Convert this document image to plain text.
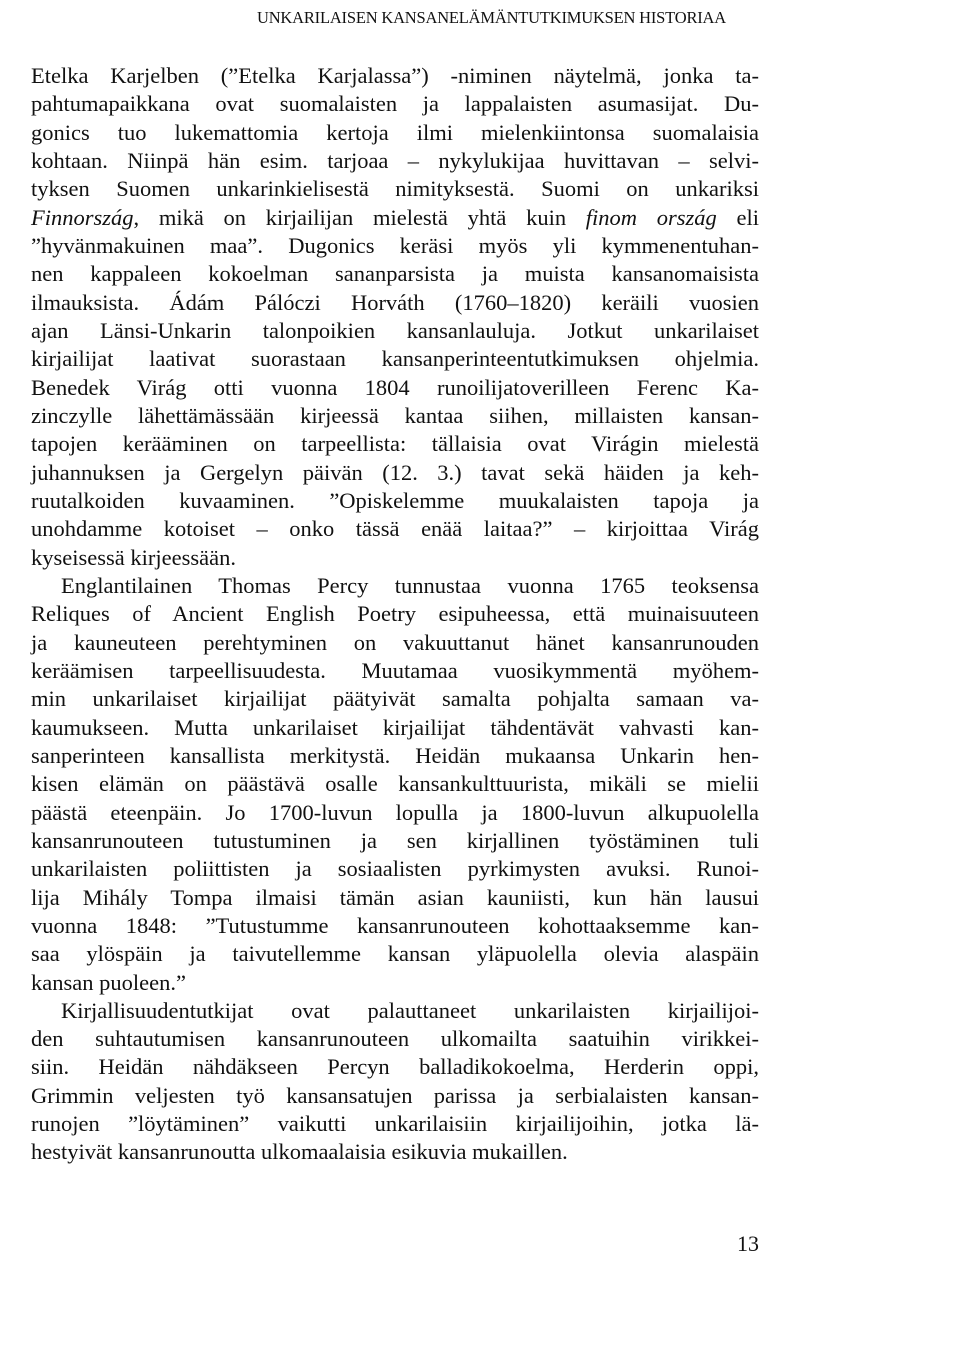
UNKARILAISEN KANSANELÄMÄNTUTKIMUKSEN HISTORIAA
Etelka Karjelben (”Etelka Karjalassa”) -niminen näytelmä, jonka ta-
pahtumapaikkana ovat suomalaisten ja lappalaisten asumasijat. Du-
gonics tuo lukemattomia kertoja ilmi mielenkiintonsa suomalaisia
kohtaan. Niinpä hän esim. tarjoaa – nykylukijaa huvittavan – selvi-
tyksen Suomen unkarinkielisestä nimityksestä. Suomi on unkariksi
Finnország, mikä on kirjailijan mielestä yhtä kuin finom ország eli
”hyvänmakuinen maa”. Dugonics keräsi myös yli kymmenentuhan-
nen kappaleen kokoelman sananparsista ja muista kansanomaisista
ilmauksista. Ádám Pálóczi Horváth (1760–1820) keräili vuosien
ajan Länsi-Unkarin talonpoikien kansanlauluja. Jotkut unkarilaiset
kirjailijat laativat suorastaan kansanperinteentutkimuksen ohjelmia.
Benedek Virág otti vuonna 1804 runoilijatoverilleen Ferenc Ka-
zinczylle lähettämässään kirjeessä kantaa siihen, millaisten kansan-
tapojen kerääminen on tarpeellista: tällaisia ovat Virágin mielestä
juhannuksen ja Gergelyn päivän (12. 3.) tavat sekä häiden ja keh-
ruutalkoiden kuvaaminen. ”Opiskelemme muukalaisten tapoja ja
unohdamme kotoiset – onko tässä enää laitaa?” – kirjoittaa Virág
kyseisessä kirjeessään.
Englantilainen Thomas Percy tunnustaa vuonna 1765 teoksensa
Reliques of Ancient English Poetry esipuheessa, että muinaisuuteen
ja kauneuteen perehtyminen on vakuuttanut hänet kansanrunouden
keräämisen tarpeellisuudesta. Muutamaa vuosikymmentä myöhem-
min unkarilaiset kirjailijat päätyivät samalta pohjalta samaan va-
kaumukseen. Mutta unkarilaiset kirjailijat tähdentävät vahvasti kan-
sanperinteen kansallista merkitystä. Heidän mukaansa Unkarin hen-
kisen elämän on päästävä osalle kansankulttuurista, mikäli se mielii
päästä eteenpäin. Jo 1700-luvun lopulla ja 1800-luvun alkupuolella
kansanrunouteen tutustuminen ja sen kirjallinen työstäminen tuli
unkarilaisten poliittisten ja sosiaalisten pyrkimysten avuksi. Runoi-
lija Mihály Tompa ilmaisi tämän asian kauniisti, kun hän lausui
vuonna 1848: ”Tutustumme kansanrunouteen kohottaaksemme kan-
saa ylöspäin ja taivutellemme kansan yläpuolella olevia alaspäin
kansan puoleen.”
Kirjallisuudentutkijat ovat palauttaneet unkarilaisten kirjailijoi-
den suhtautumisen kansanrunouteen ulkomailta saatuihin virikkei-
siin. Heidän nähdäkseen Percyn balladikokoelma, Herderin oppi,
Grimmin veljesten työ kansansatujen parissa ja serbialaisten kansan-
runojen ”löytäminen” vaikutti unkarilaisiin kirjailijoihin, jotka lä-
hestyivät kansanrunoutta ulkomaalaisia esikuvia mukaillen.
13
